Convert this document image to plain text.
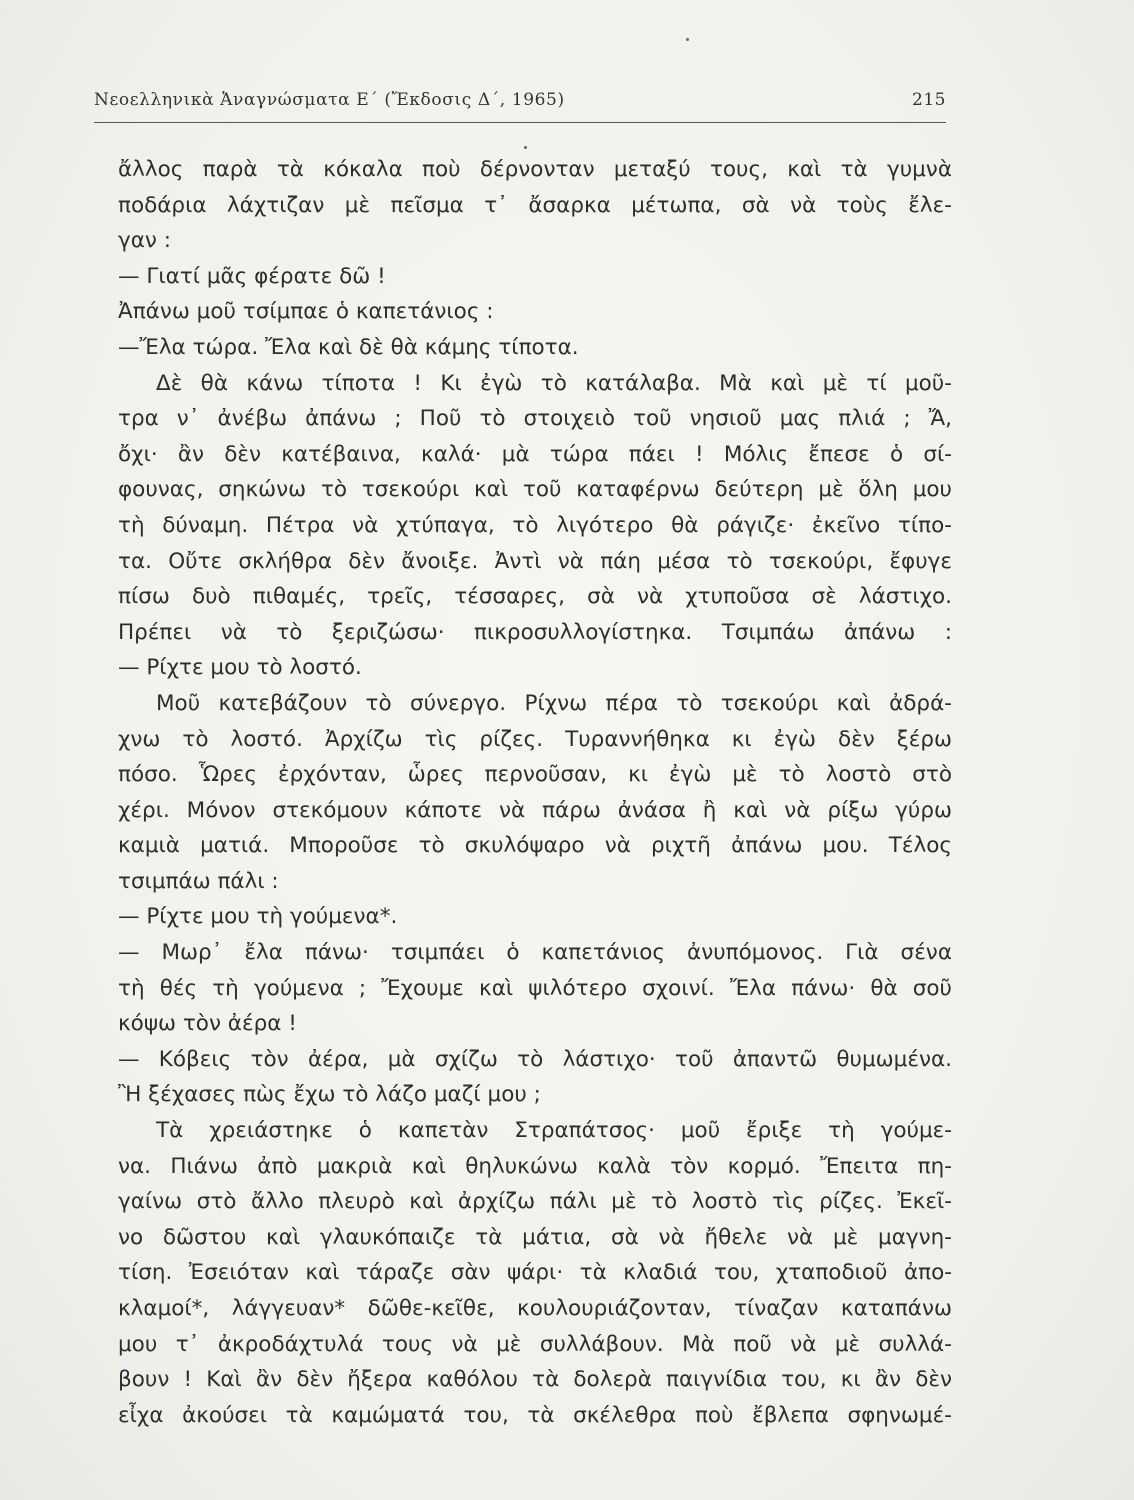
Νεοελληνικὰ Ἀναγνώσματα Ε΄ (Ἔκδοσις Δ΄, 1965)	215
ἄλλος παρὰ τὰ κόκαλα ποὺ δέρνονταν μεταξύ τους, καὶ τὰ γυμνὰ
ποδάρια λάχτιζαν μὲ πεῖσμα τ᾽ ἄσαρκα μέτωπα, σὰ νὰ τοὺς ἔλε-
γαν :
— Γιατί μᾶς φέρατε δῶ !
Ἀπάνω μοῦ τσίμπαε ὁ καπετάνιος :
—Ἔλα τώρα. Ἔλα καὶ δὲ θὰ κάμης τίποτα.
Δὲ θὰ κάνω τίποτα ! Κι ἐγὼ τὸ κατάλαβα. Μὰ καὶ μὲ τί μοῦ-
τρα ν᾽ ἀνέβω ἀπάνω ; Ποῦ τὸ στοιχειὸ τοῦ νησιοῦ μας πλιά ; Ἄ,
ὄχι· ἂν δὲν κατέβαινα, καλά· μὰ τώρα πάει ! Μόλις ἔπεσε ὁ σί-
φουνας, σηκώνω τὸ τσεκούρι καὶ τοῦ καταφέρνω δεύτερη μὲ ὅλη μου
τὴ δύναμη. Πέτρα νὰ χτύπαγα, τὸ λιγότερο θὰ ράγιζε· ἐκεῖνο τίπο-
τα. Οὔτε σκλήθρα δὲν ἄνοιξε. Ἀντὶ νὰ πάη μέσα τὸ τσεκούρι, ἔφυγε
πίσω δυὸ πιθαμές, τρεῖς, τέσσαρες, σὰ νὰ χτυποῦσα σὲ λάστιχο.
Πρέπει νὰ τὸ ξεριζώσω· πικροσυλλογίστηκα. Τσιμπάω ἀπάνω :
— Ρίχτε μου τὸ λοστό.
Μοῦ κατεβάζουν τὸ σύνεργο. Ρίχνω πέρα τὸ τσεκούρι καὶ ἀδρά-
χνω τὸ λοστό. Ἀρχίζω τὶς ρίζες. Τυραννήθηκα κι ἐγὼ δὲν ξέρω
πόσο. Ὧρες ἐρχόνταν, ὧρες περνοῦσαν, κι ἐγὼ μὲ τὸ λοστὸ στὸ
χέρι. Μόνον στεκόμουν κάποτε νὰ πάρω ἀνάσα ἢ καὶ νὰ ρίξω γύρω
καμιὰ ματιά. Μποροῦσε τὸ σκυλόψαρο νὰ ριχτῆ ἀπάνω μου. Τέλος
τσιμπάω πάλι :
— Ρίχτε μου τὴ γούμενα*.
— Μωρ᾽ ἔλα πάνω· τσιμπάει ὁ καπετάνιος ἀνυπόμονος. Γιὰ σένα
τὴ θές τὴ γούμενα ; Ἔχουμε καὶ ψιλότερο σχοινί. Ἔλα πάνω· θὰ σοῦ
κόψω τὸν ἀέρα !
— Κόβεις τὸν ἀέρα, μὰ σχίζω τὸ λάστιχο· τοῦ ἀπαντῶ θυμωμένα.
Ἢ ξέχασες πὼς ἔχω τὸ λάζο μαζί μου ;
Τὰ χρειάστηκε ὁ καπετὰν Στραπάτσος· μοῦ ἔριξε τὴ γούμε-
να. Πιάνω ἀπὸ μακριὰ καὶ θηλυκώνω καλὰ τὸν κορμό. Ἔπειτα πη-
γαίνω στὸ ἄλλο πλευρὸ καὶ ἀρχίζω πάλι μὲ τὸ λοστὸ τὶς ρίζες. Ἐκεῖ-
νο δῶστου καὶ γλαυκόπαιζε τὰ μάτια, σὰ νὰ ἤθελε νὰ μὲ μαγνη-
τίση. Ἐσειόταν καὶ τάραζε σὰν ψάρι· τὰ κλαδιά του, χταποδιοῦ ἀπο-
κλαμοί*, λάγγευαν* δῶθε-κεῖθε, κουλουριάζονταν, τίναζαν καταπάνω
μου τ᾽ ἀκροδάχτυλά τους νὰ μὲ συλλάβουν. Μὰ ποῦ νὰ μὲ συλλά-
βουν ! Καὶ ἂν δὲν ἤξερα καθόλου τὰ δολερὰ παιγνίδια του, κι ἂν δὲν
εἶχα ἀκούσει τὰ καμώματά του, τὰ σκέλεθρα ποὺ ἔβλεπα σφηνωμέ-
